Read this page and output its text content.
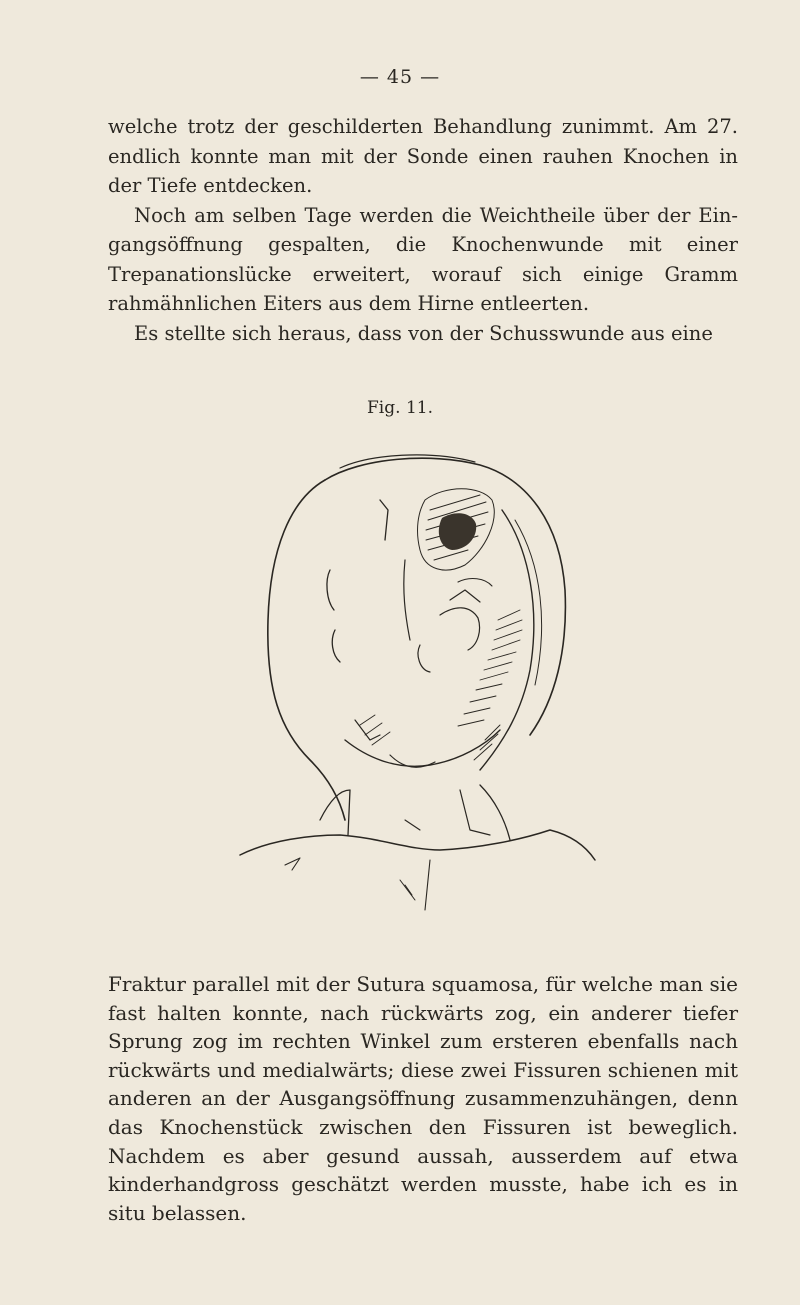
— 45 —

welche trotz der geschilderten Behandlung zunimmt. Am 27. endlich konnte man mit der Sonde einen rauhen Knochen in der Tiefe entdecken.

Noch am selben Tage werden die Weichtheile über der Eingangsöffnung gespalten, die Knochenwunde mit einer Trepanationslücke erweitert, worauf sich einige Gramm rahmähnlichen Eiters aus dem Hirne entleerten.

Es stellte sich heraus, dass von der Schusswunde aus eine

Fig. 11.

Fraktur parallel mit der Sutura squamosa, für welche man sie fast halten konnte, nach rückwärts zog, ein anderer tiefer Sprung zog im rechten Winkel zum ersteren ebenfalls nach rückwärts und medialwärts; diese zwei Fissuren schienen mit anderen an der Ausgangsöffnung zusammenzuhängen, denn das Knochenstück zwischen den Fissuren ist beweglich. Nachdem es aber gesund aussah, ausserdem auf etwa kinderhandgross geschätzt werden musste, habe ich es in situ belassen.
